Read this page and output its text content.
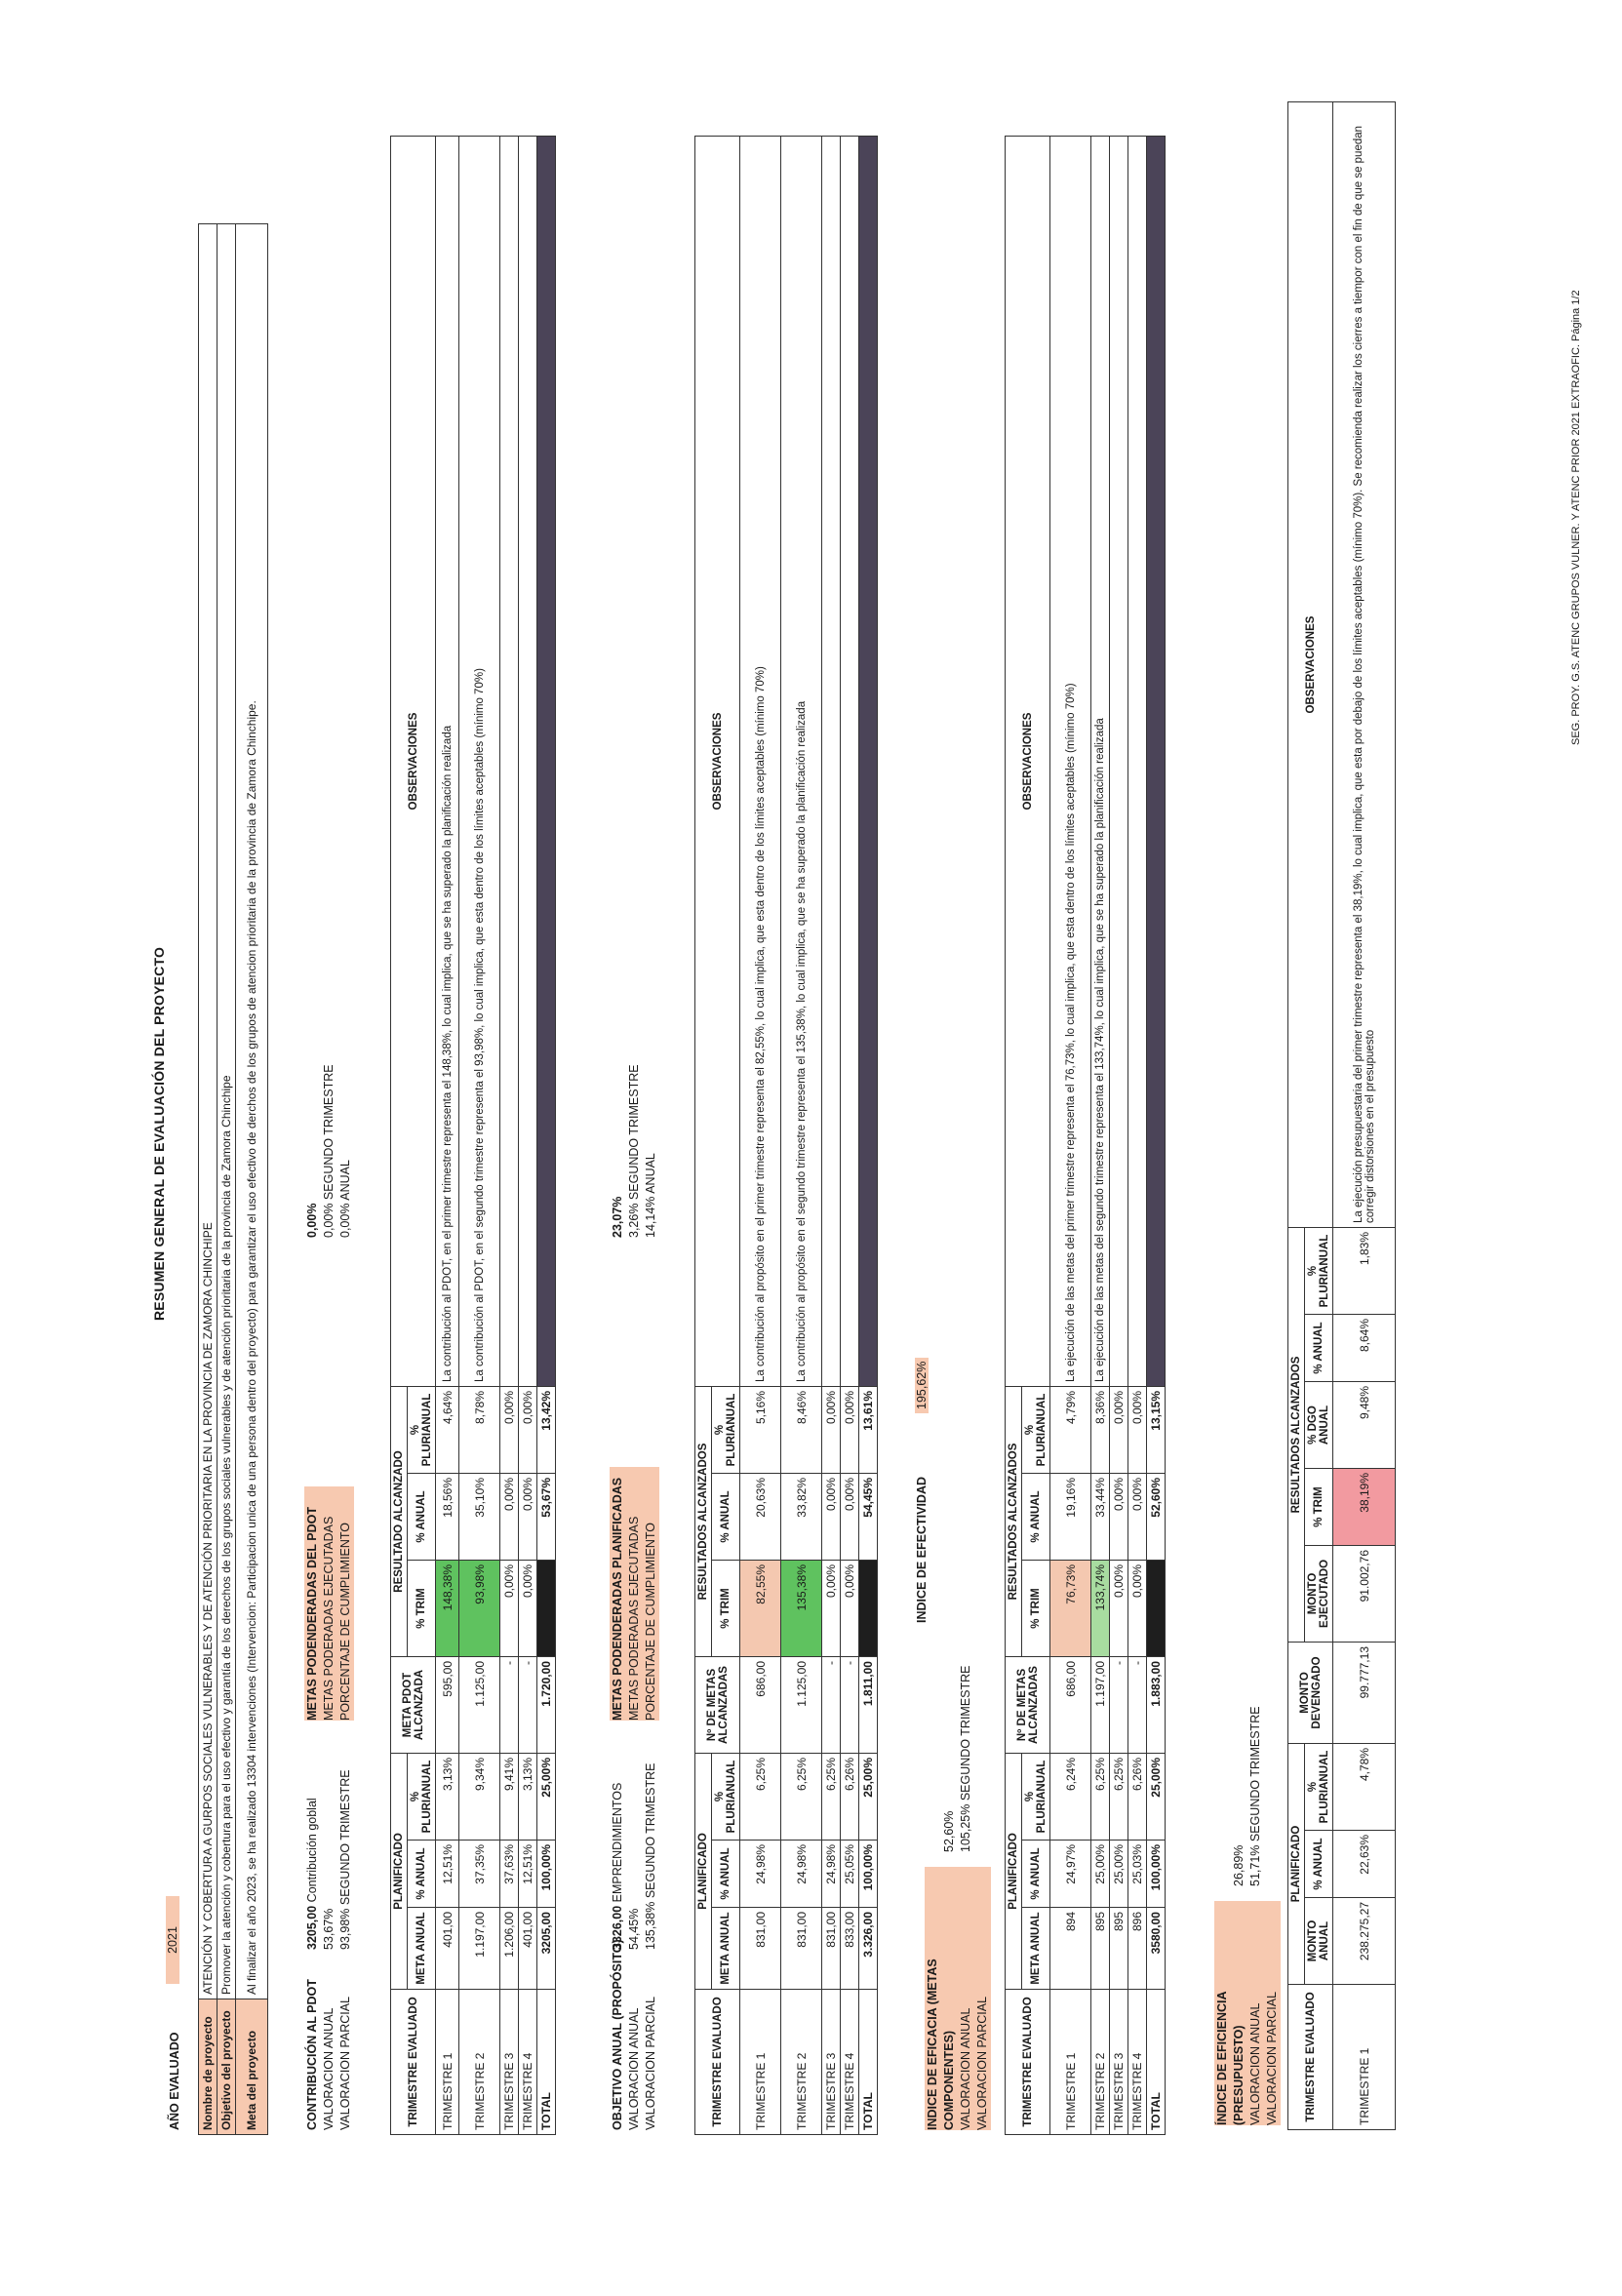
RESUMEN GENERAL DE EVALUACIÓN DEL PROYECTO
AÑO EVALUADO
2021
Nombre de proyecto	ATENCIÓN Y COBERTURA A GURPOS SOCIALES VULNERABLES Y DE ATENCIÓN PRIORITARIA EN LA PROVINCIA DE ZAMORA CHINCHIPE
Objetivo del proyecto	Promover la atención y cobertura para el uso efectivo y garantía de los derechos de los grupos sociales vulnerables y de atención prioritaria de la provincia de Zamora Chinchipe
Meta del proyecto	Al finalizar el año 2023, se ha realizado 13304 intervenciones (Intervencion: Participacion unica de una persona dentro del proyecto) para garantizar el uso efectivo de derchos de los grupos de atencion prioritaria de la provincia de Zamora Chinchipe.
CONTRIBUCIÓN AL PDOT VALORACION ANUAL VALORACION PARCIAL
3205,00 Contribución goblal
53,67% 93,98% SEGUNDO TRIMESTRE
METAS PODENDERADAS DEL PDOT METAS PODERADAS EJECUTADAS PORCENTAJE DE CUMPLIMIENTO
0,00% 0,00% SEGUNDO TRIMESTRE
0,00% ANUAL
TRIMESTRE EVALUADO	PLANIFICADO			META PDOT ALCANZADA	RESULTADO ALCANZADO			OBSERVACIONES
	META ANUAL	% ANUAL	% PLURIANUAL		% TRIM	% ANUAL	% PLURIANUAL	
TRIMESTRE 1	401,00	12,51%	3,13%	595,00	148,38%	18,56%	4,64%	La contribución al PDOT, en el primer trimestre representa el 148,38%, lo cual implica, que se ha superado la planificación realizada
TRIMESTRE 2	1.197,00	37,35%	9,34%	1.125,00	93,98%	35,10%	8,78%	La contribución al PDOT, en el segundo trimestre representa el 93,98%, lo cual implica, que esta dentro de los límites aceptables (mínimo 70%)
TRIMESTRE 3	1.206,00	37,63%	9,41%	-	0,00%	0,00%	0,00%	
TRIMESTRE 4	401,00	12,51%	3,13%	-	0,00%	0,00%	0,00%	
TOTAL	3205,00	100,00%	25,00%	1.720,00		53,67%	13,42%	
OBJETIVO ANUAL (PROPÓSITO) VALORACION ANUAL VALORACION PARCIAL
3326,00 EMPRENDIMIENTOS
54,45% 135,38% SEGUNDO TRIMESTRE
METAS PODENDERADAS PLANIFICADAS METAS PODERADAS EJECUTADAS PORCENTAJE DE CUMPLIMIENTO
23,07% 3,26% SEGUNDO TRIMESTRE
14,14% ANUAL
TRIMESTRE EVALUADO	PLANIFICADO			Nº DE METAS ALCANZADAS	RESULTADOS ALCANZADOS			OBSERVACIONES
	META ANUAL	% ANUAL	% PLURIANUAL		% TRIM	% ANUAL	% PLURIANUAL	
TRIMESTRE 1	831,00	24,98%	6,25%	686,00	82,55%	20,63%	5,16%	La contribución al propósito en el primer trimestre representa el 82,55%, lo cual implica, que esta dentro de los límites aceptables (mínimo 70%)
TRIMESTRE 2	831,00	24,98%	6,25%	1.125,00	135,38%	33,82%	8,46%	La contribución al propósito en el segundo trimestre representa el 135,38%, lo cual implica, que se ha superado la planificación realizada
TRIMESTRE 3	831,00	24,98%	6,25%	-	0,00%	0,00%	0,00%	
TRIMESTRE 4	833,00	25,05%	6,26%	-	0,00%	0,00%	0,00%	
TOTAL	3.326,00	100,00%	25,00%	1.811,00		54,45%	13,61%	
INDICE DE EFECTIVIDAD
195,62%
INDICE DE EFICACIA (METAS COMPONENTES) VALORACION ANUAL VALORACION PARCIAL

52,60% 105,25% SEGUNDO TRIMESTRE
TRIMESTRE EVALUADO	PLANIFICADO			Nº DE METAS ALCANZADAS	RESULTADOS ALCANZADOS			OBSERVACIONES
	META ANUAL	% ANUAL	% PLURIANUAL		% TRIM	% ANUAL	% PLURIANUAL	
TRIMESTRE 1	894	24,97%	6,24%	686,00	76,73%	19,16%	4,79%	La ejecución de las metas del primer trimestre representa el 76,73%, lo cual implica, que esta dentro de los límites aceptables (mínimo 70%)
TRIMESTRE 2	895	25,00%	6,25%	1.197,00	133,74%	33,44%	8,36%	La ejecución de las metas del segundo trimestre representa el 133,74%, lo cual implica, que se ha superado la planificación realizada
TRIMESTRE 3	895	25,00%	6,25%	-	0,00%	0,00%	0,00%	
TRIMESTRE 4	896	25,03%	6,26%	-	0,00%	0,00%	0,00%	
TOTAL	3580,00	100,00%	25,00%	1.883,00		52,60%	13,15%	
ÍNDICE DE EFICIENCIA (PRESUPUESTO) VALORACION ANUAL VALORACION PARCIAL

26,89% 51,71% SEGUNDO TRIMESTRE
TRIMESTRE EVALUADO	PLANIFICADO			MONTO DEVENGADO	RESULTADOS ALCANZADOS					OBSERVACIONES
	MONTO ANUAL	% ANUAL	% PLURIANUAL		MONTO EJECUTADO	% TRIM	% DGO ANUAL	% ANUAL	% PLURIANUAL	
TRIMESTRE 1	238.275,27	22,63%	4,78%	99.777,13	91.002,76	38,19%	9,48%	8,64%	1,83%	La ejecución presupuestaria del primer trimestre representa el 38,19%, lo cual implica, que esta por debajo de los límites aceptables (mínimo 70%). Se recomienda realizar los cierres a tiempor con el fin de que se puedan corregir distorsiones en el presupuesto
SEG. PROY. G.S. ATENC GRUPOS VULNER. Y ATENC PRIOR 2021 EXTRAOFIC. Página 1/2
